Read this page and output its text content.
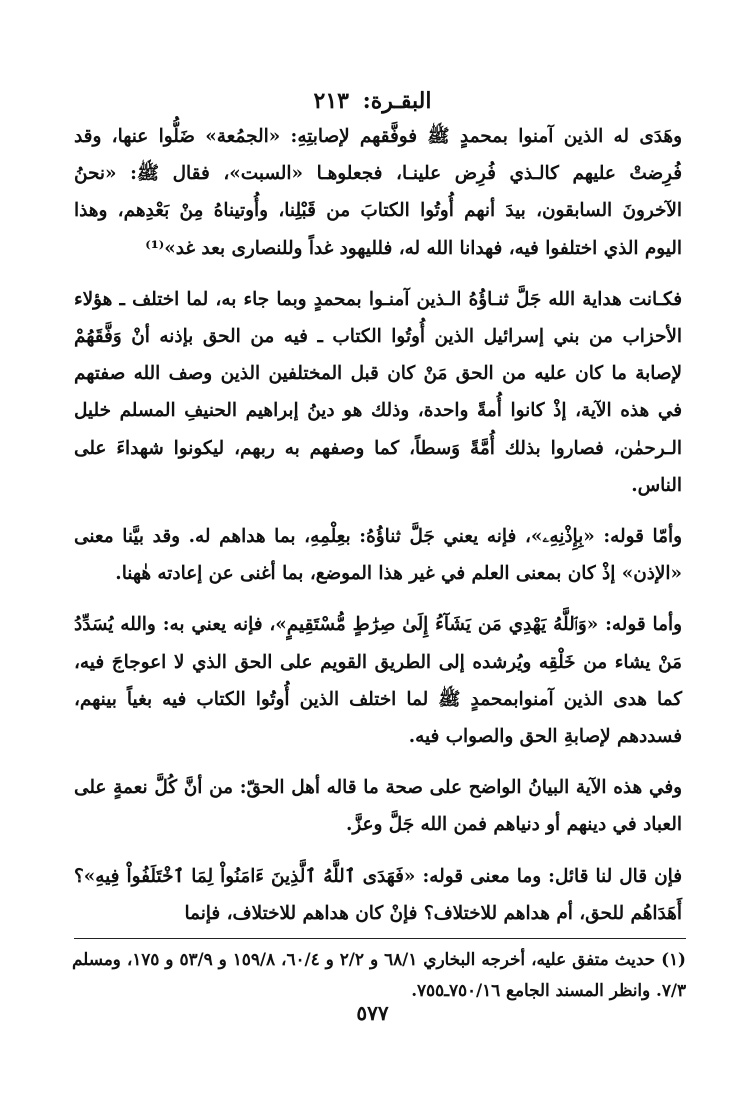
البقـرة: ٢١٣

وهَدَى له الذين آمنوا بمحمدٍ ﷺ فوفَّقهم لإصابتِهِ: «الجمُعة» ضَلُّوا عنها، وقد فُرِضتْ عليهم كالـذي فُرِض علينـا، فجعلوهـا «السبت»، فقال ﷺ: «نحنُ الآخرونَ السابقون، بيدَ أنهم أُوتُوا الكتابَ من قَبْلِنا، وأُوتيناهُ مِنْ بَعْدِهم، وهذا اليوم الذي اختلفوا فيه، فهدانا الله له، فلليهود غداً وللنصارى بعد غد»⁽¹⁾

فكـانت هداية الله جَلَّ ثنـاؤُهُ الـذين آمنـوا بمحمدٍ وبما جاء به، لما اختلف ـ هؤلاء الأحزاب من بني إسرائيل الذين أُوتُوا الكتاب ـ فيه من الحق بإذنه أنْ وَفَّقَهُمْ لإصابة ما كان عليه من الحق مَنْ كان قبل المختلفين الذين وصف الله صفتهم في هذه الآية، إذْ كانوا أُمةً واحدة، وذلك هو دينُ إبراهيم الحنيفِ المسلم خليل الـرحمٰن، فصاروا بذلك أُمَّةً وَسطاً، كما وصفهم به ربهم، ليكونوا شهداءَ على الناس.

وأمّا قوله: «بِإِذْنِهِۦ»، فإنه يعني جَلَّ ثناؤُهُ: بعِلْمِهِ، بما هداهم له. وقد بيَّنا معنى «الإذن» إذْ كان بمعنى العلم في غير هذا الموضع، بما أغنى عن إعادته هٰهنا.

وأما قوله: «وَٱللَّهُ يَهْدِي مَن يَشَآءُ إِلَىٰ صِرَٰطٍ مُّسْتَقِيمٍ»، فإنه يعني به: والله يُسَدِّدُ مَنْ يشاء من خَلْقِه ويُرشده إلى الطريق القويم على الحق الذي لا اعوجاجَ فيه، كما هدى الذين آمنوابمحمدٍ ﷺ لما اختلف الذين أُوتُوا الكتاب فيه بغياً بينهم، فسددهم لإصابةِ الحق والصواب فيه.

وفي هذه الآية البيانُ الواضح على صحة ما قاله أهل الحقّ: من أنَّ كُلَّ نعمةٍ على العباد في دينهم أو دنياهم فمن الله جَلَّ وعزَّ.

فإن قال لنا قائل: وما معنى قوله: «فَهَدَى ٱللَّهُ ٱلَّذِينَ ءَامَنُواْ لِمَا ٱخْتَلَفُواْ فِيهِ»؟ أَهَدَاهُم للحق، أم هداهم للاختلاف؟ فإنْ كان هداهم للاختلاف، فإنما

(١) حديث متفق عليه، أخرجه البخاري ٦٨/١ و ٢/٢ و ٦٠/٤، ١٥٩/٨ و ٥٣/٩ و ١٧٥، ومسلم ٧/٣. وانظر المسند الجامع ٧٥٠/١٦ـ٧٥٥.

٥٧٧
